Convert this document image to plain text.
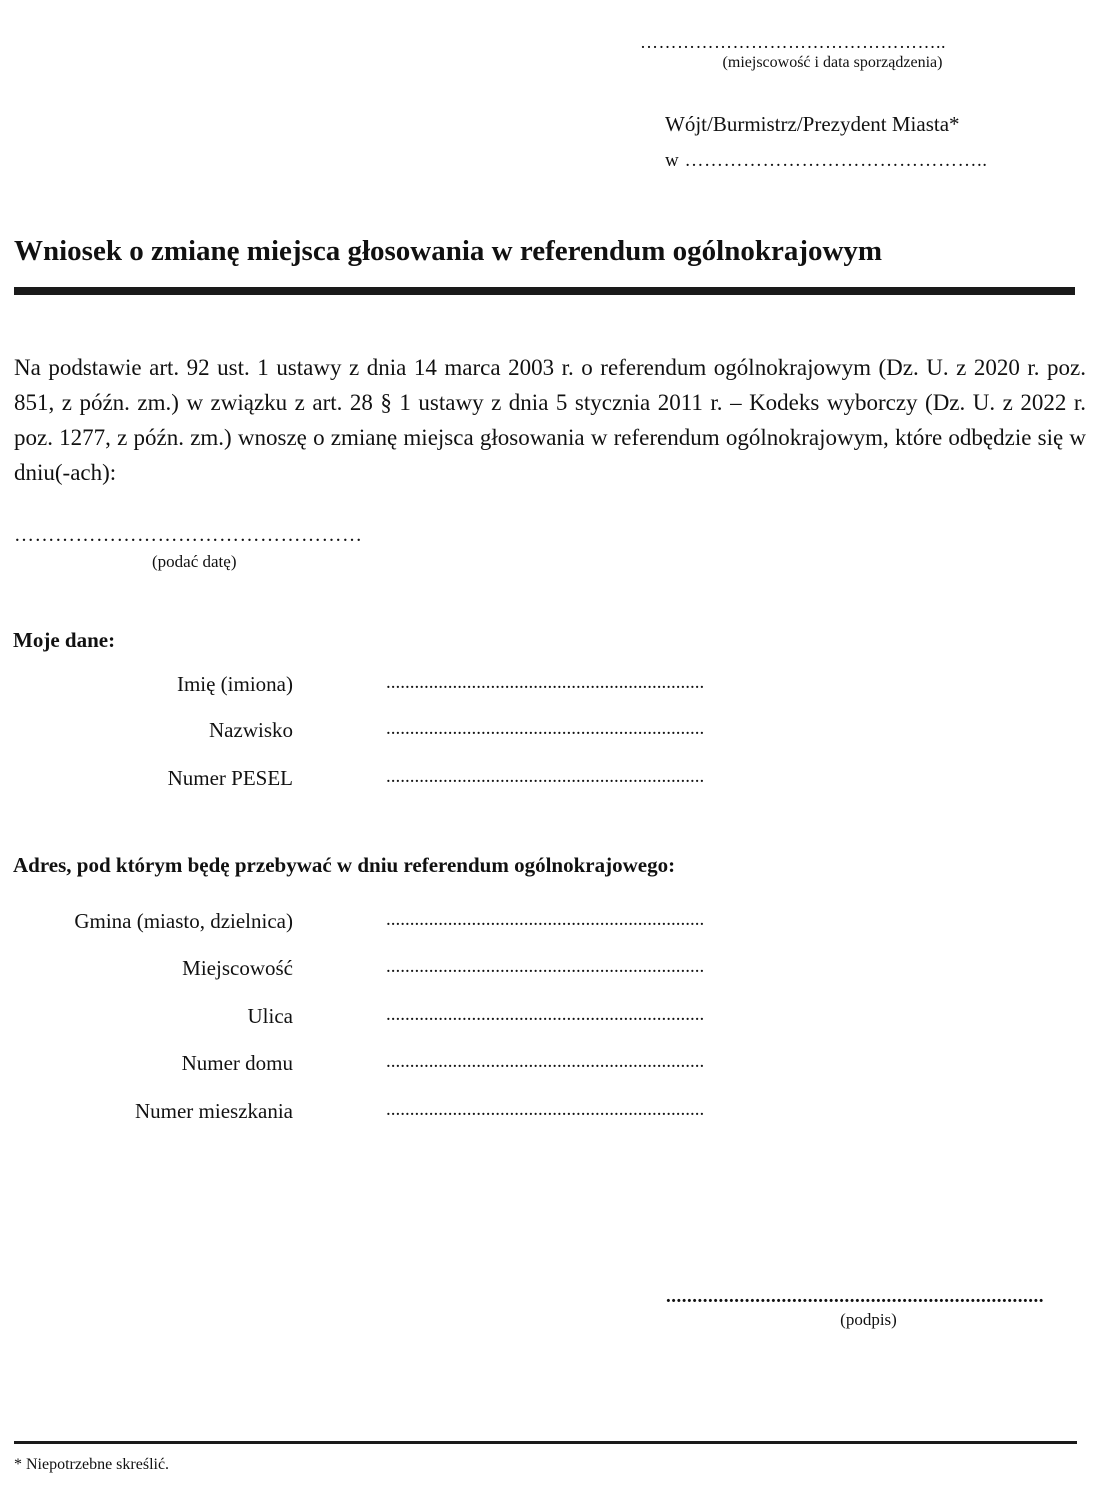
…………………………………………..
(miejscowość i data sporządzenia)
Wójt/Burmistrz/Prezydent Miasta*
w ………………………………………..
Wniosek o zmianę miejsca głosowania w referendum ogólnokrajowym
Na podstawie art. 92 ust. 1 ustawy z dnia 14 marca 2003 r. o referendum ogólnokrajowym (Dz. U. z 2020 r. poz. 851, z późn. zm.) w związku z art. 28 § 1 ustawy z dnia 5 stycznia 2011 r. – Kodeks wyborczy (Dz. U. z 2022 r. poz. 1277, z późn. zm.) wnoszę o zmianę miejsca głosowania w referendum ogólnokrajowym, które odbędzie się w dniu(-ach):
……………………………………………
(podać datę)
Moje dane:
Imię (imiona)	...................................................................
Nazwisko	...................................................................
Numer PESEL	...................................................................
Adres, pod którym będę przebywać w dniu referendum ogólnokrajowego:
Gmina (miasto, dzielnica)	...................................................................
Miejscowość	...................................................................
Ulica	...................................................................
Numer domu	...................................................................
Numer mieszkania	...................................................................
........................................................................
(podpis)
* Niepotrzebne skreślić.
